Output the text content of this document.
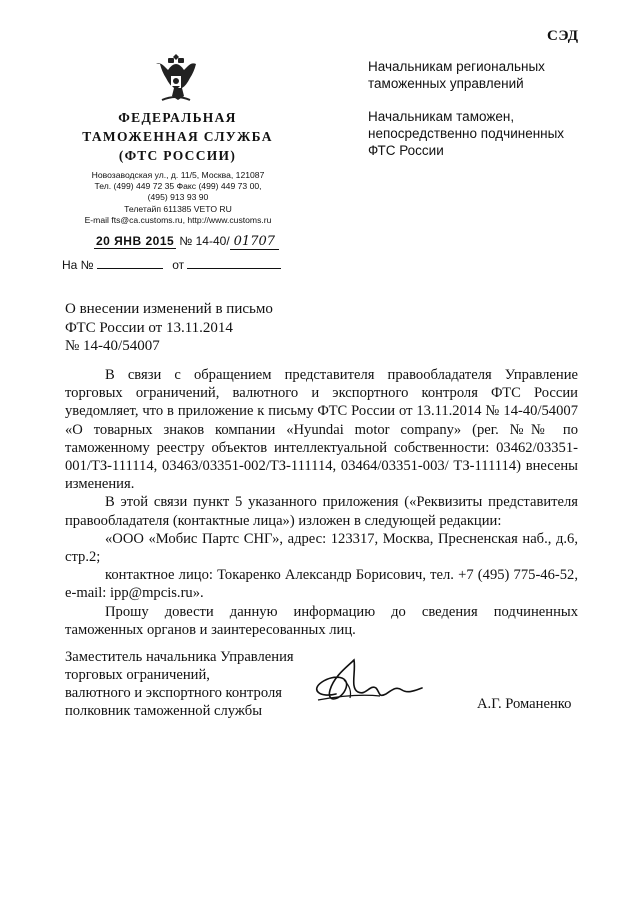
СЭД
ФЕДЕРАЛЬНАЯ
ТАМОЖЕННАЯ СЛУЖБА
(ФТС РОССИИ)
Новозаводская ул., д. 11/5, Москва, 121087
Тел. (499) 449 72 35 Факс (499) 449 73 00,
(495) 913 93 90
Телетайп 611385 VETO RU
E-mail fts@ca.customs.ru, http://www.customs.ru
20 ЯНВ 2015 № 14-40/ 01707
На №	от

Начальникам региональных
таможенных управлений

Начальникам таможен,
непосредственно подчиненных
ФТС России

О внесении изменений в письмо
ФТС России от 13.11.2014
№ 14-40/54007

В связи с обращением представителя правообладателя Управление торговых ограничений, валютного и экспортного контроля ФТС России уведомляет, что в приложение к письму ФТС России от 13.11.2014 № 14-40/54007 «О товарных знаков компании «Hyundai motor company» (рег. №№ по таможенному реестру объектов интеллектуальной собственности: 03462/03351-001/ТЗ-111114, 03463/03351-002/ТЗ-111114, 03464/03351-003/ ТЗ-111114) внесены изменения.

В этой связи пункт 5 указанного приложения («Реквизиты представителя правообладателя (контактные лица») изложен в следующей редакции:

«ООО «Мобис Партс СНГ», адрес: 123317, Москва, Пресненская наб., д.6, стр.2;

контактное лицо: Токаренко Александр Борисович, тел. +7 (495) 775-46-52, e-mail: ipp@mpcis.ru».

Прошу довести данную информацию до сведения подчиненных таможенных органов и заинтересованных лиц.

Заместитель начальника Управления
торговых ограничений,
валютного и экспортного контроля
полковник таможенной службы	А.Г. Романенко
